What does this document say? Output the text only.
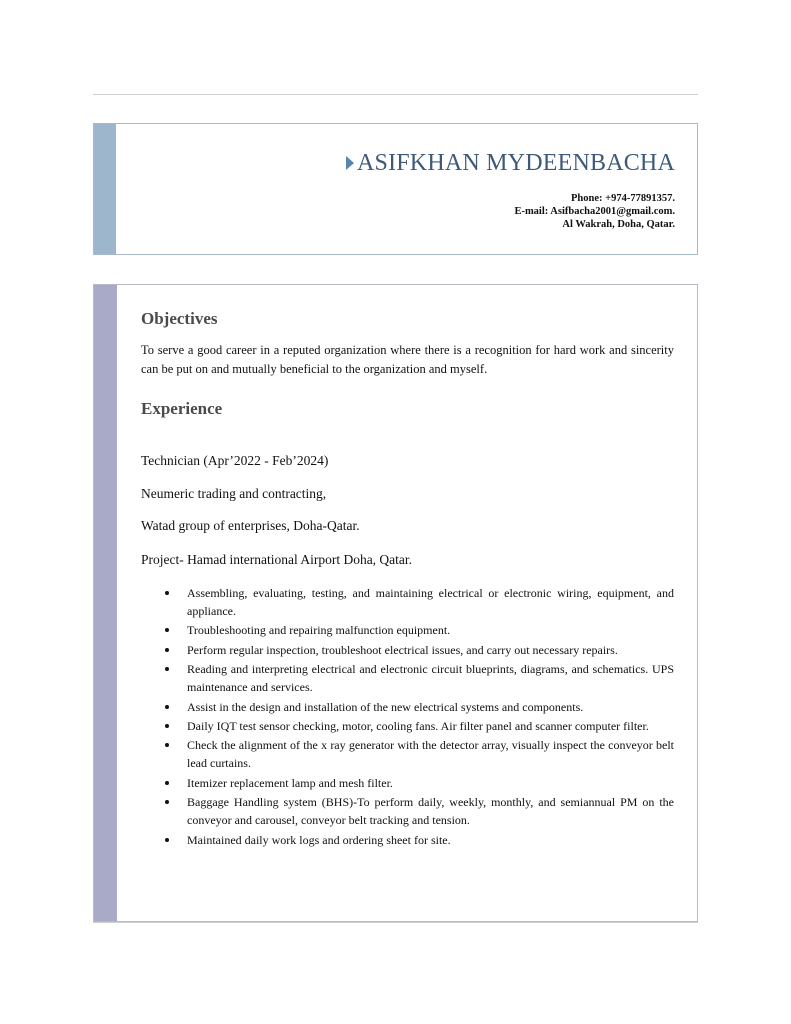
ASIFKHAN MYDEENBACHA
Phone: +974-77891357.
E-mail: Asifbacha2001@gmail.com.
Al Wakrah, Doha, Qatar.
Objectives
To serve a good career in a reputed organization where there is a recognition for hard work and sincerity can be put on and mutually beneficial to the organization and myself.
Experience
Technician (Apr’2022 - Feb’2024)
Neumeric trading and contracting,
Watad group of enterprises, Doha-Qatar.
Project- Hamad international Airport Doha, Qatar.
Assembling, evaluating, testing, and maintaining electrical or electronic wiring, equipment, and appliance.
Troubleshooting and repairing malfunction equipment.
Perform regular inspection, troubleshoot electrical issues, and carry out necessary repairs.
Reading and interpreting electrical and electronic circuit blueprints, diagrams, and schematics. UPS maintenance and services.
Assist in the design and installation of the new electrical systems and components.
Daily IQT test sensor checking, motor, cooling fans. Air filter panel and scanner computer filter.
Check the alignment of the x ray generator with the detector array, visually inspect the conveyor belt lead curtains.
Itemizer replacement lamp and mesh filter.
Baggage Handling system (BHS)-To perform daily, weekly, monthly, and semiannual PM on the conveyor and carousel, conveyor belt tracking and tension.
Maintained daily work logs and ordering sheet for site.
